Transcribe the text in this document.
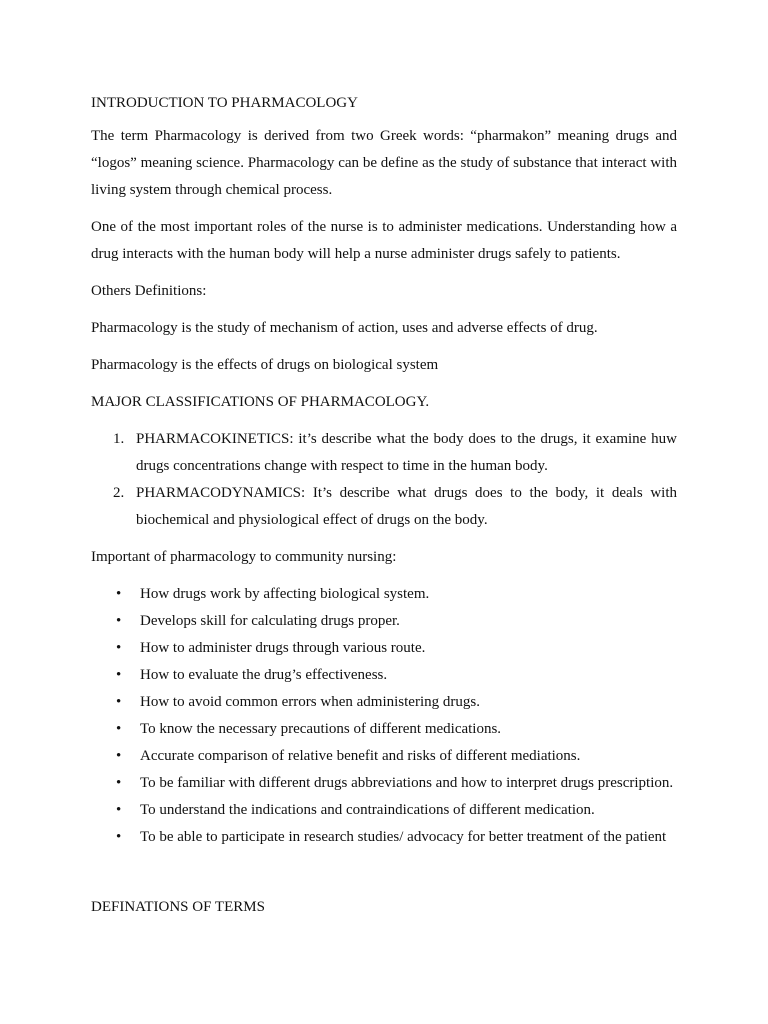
INTRODUCTION TO PHARMACOLOGY

The term Pharmacology is derived from two Greek words: “pharmakon” meaning drugs and “logos” meaning science. Pharmacology can be define as the study of substance that interact with living system through chemical process.

One of the most important roles of the nurse is to administer medications. Understanding how a drug interacts with the human body will help a nurse administer drugs safely to patients.

Others Definitions:

Pharmacology is the study of mechanism of action, uses and adverse effects of drug.

Pharmacology is the effects of drugs on biological system

MAJOR CLASSIFICATIONS OF PHARMACOLOGY.

1. PHARMACOKINETICS: it’s describe what the body does to the drugs, it examine huw drugs concentrations change with respect to time in the human body.
2. PHARMACODYNAMICS: It’s describe what drugs does to the body, it deals with biochemical and physiological effect of drugs on the body.

Important of pharmacology to community nursing:

• How drugs work by affecting biological system.
• Develops skill for calculating drugs proper.
• How to administer drugs through various route.
• How to evaluate the drug’s effectiveness.
• How to avoid common errors when administering drugs.
• To know the necessary precautions of different medications.
• Accurate comparison of relative benefit and risks of different mediations.
• To be familiar with different drugs abbreviations and how to interpret drugs prescription.
• To understand the indications and contraindications of different medication.
• To be able to participate in research studies/ advocacy for better treatment of the patient

DEFINATIONS OF TERMS
